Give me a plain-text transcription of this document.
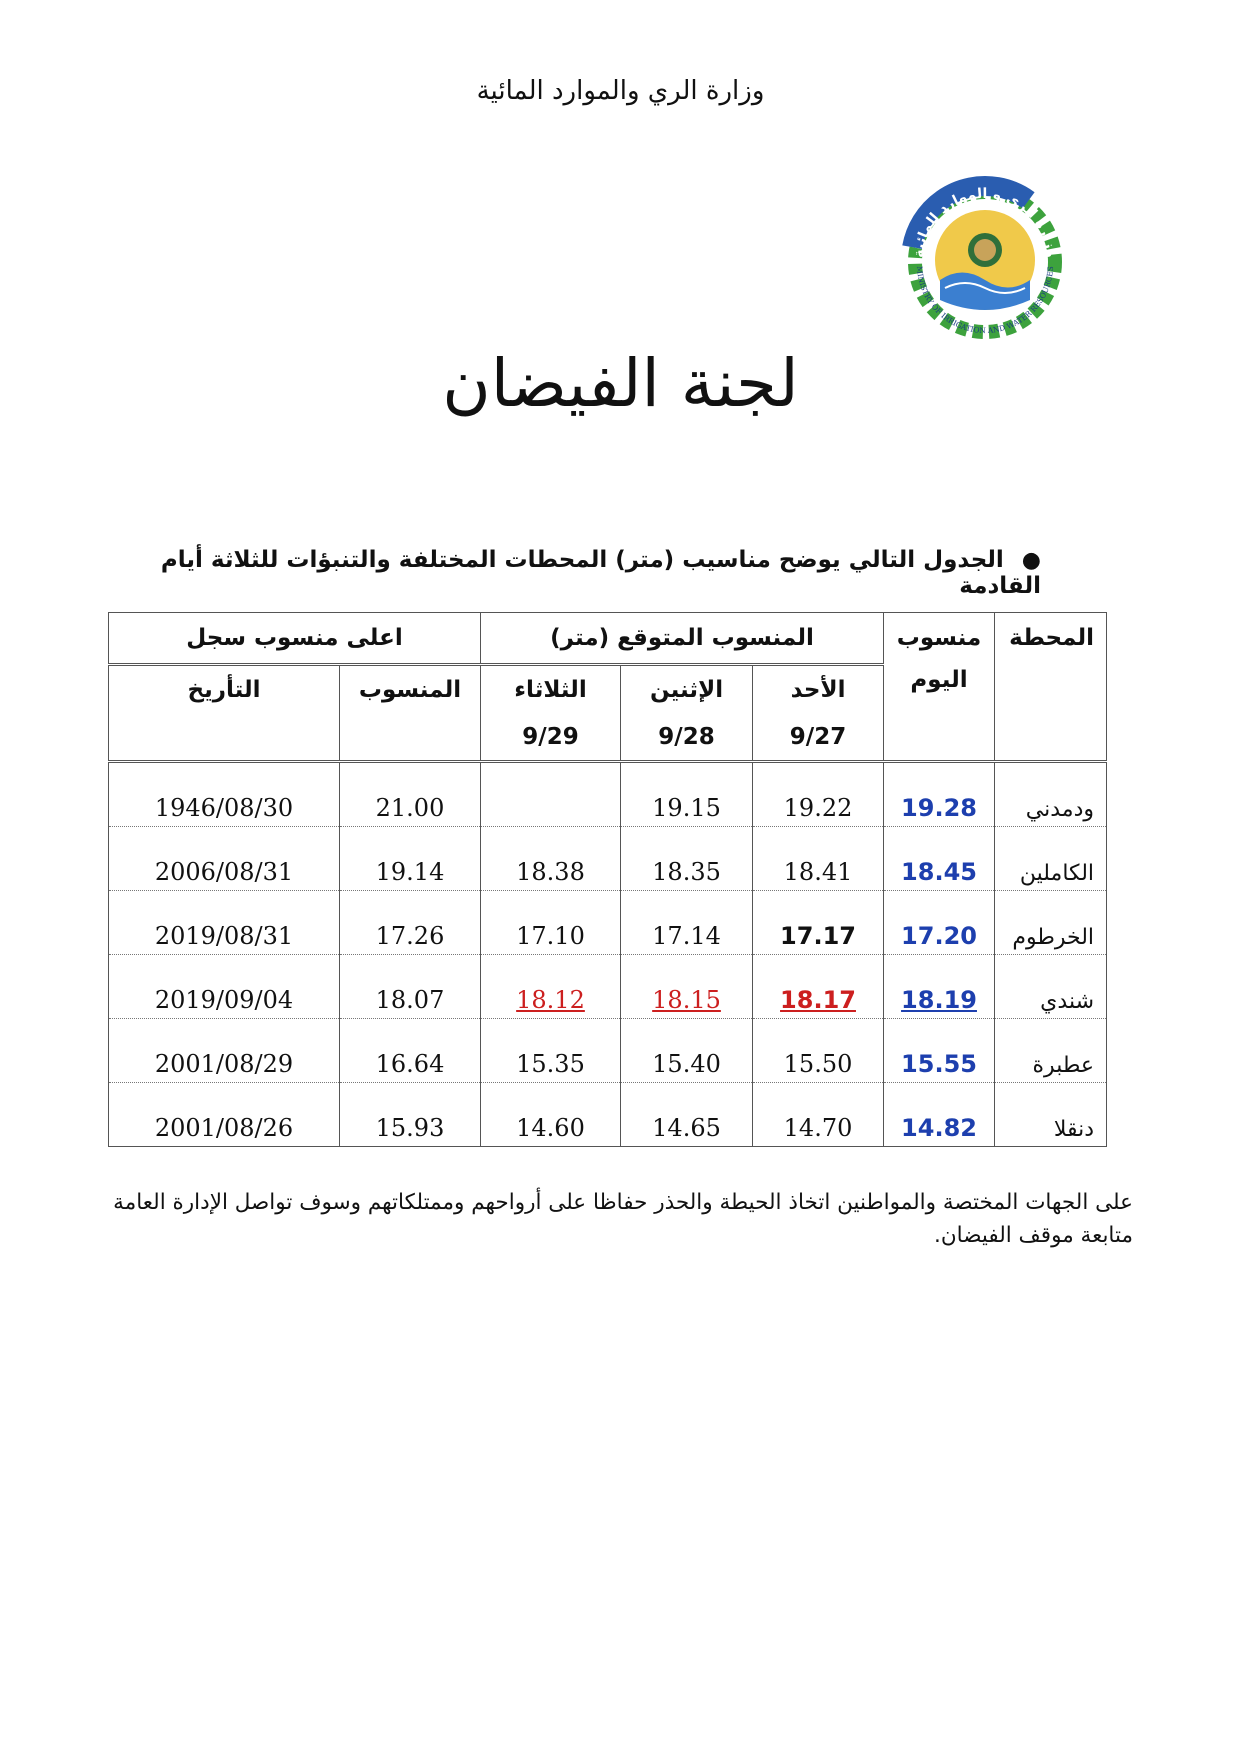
وزارة الري والموارد المائية
وزارة الري و الموارد المائية
MINISTRY OF IRRIGATION AND WATER RESOURCES
لجنة الفيضان
●الجدول التالي يوضح مناسيب (متر) المحطات المختلفة والتنبؤات للثلاثة أيام القادمة
المحطة	منسوب
اليوم	المنسوب المتوقع (متر)			اعلى منسوب سجل	
		الأحد	الإثنين	الثلاثاء	المنسوب	التأريخ
		9/27	9/28	9/29		
ودمدني	19.28	19.22	19.15		21.00	1946/08/30
الكاملين	18.45	18.41	18.35	18.38	19.14	2006/08/31
الخرطوم	17.20	17.17	17.14	17.10	17.26	2019/08/31
شندي	18.19	18.17	18.15	18.12	18.07	2019/09/04
عطبرة	15.55	15.50	15.40	15.35	16.64	2001/08/29
دنقلا	14.82	14.70	14.65	14.60	15.93	2001/08/26
على الجهات المختصة والمواطنين اتخاذ الحيطة والحذر حفاظا على أرواحهم وممتلكاتهم وسوف تواصل الإدارة العامة متابعة موقف الفيضان.
